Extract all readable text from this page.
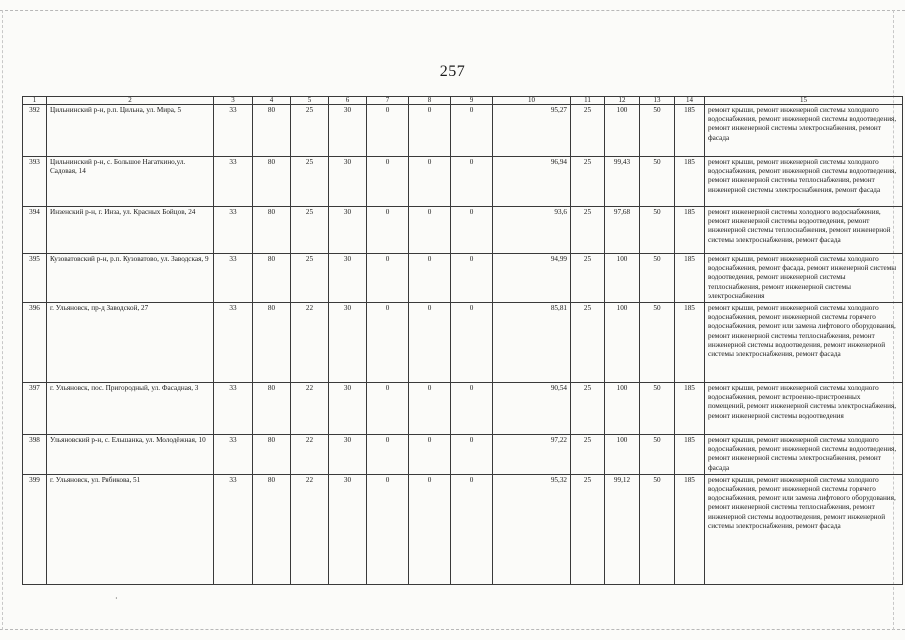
257
1	2	3	4	5	6	7	8	9	10	11	12	13	14	15
392	Цильнинский р-н, р.п. Цильна, ул. Мира, 5	33	80	25	30	0	0	0	95,27	25	100	50	185	ремонт крыши, ремонт инженерной системы холодного водоснабжения, ремонт инженерной системы водоотведения, ремонт инженерной системы электроснабжения, ремонт фасада
393	Цильнинский р-н, с. Большое Нагаткино,ул. Садовая, 14	33	80	25	30	0	0	0	96,94	25	99,43	50	185	ремонт крыши, ремонт инженерной системы холодного водоснабжения, ремонт инженерной системы водоотведения, ремонт инженерной системы теплоснабжения, ремонт инженерной системы электроснабжения, ремонт фасада
394	Инзенский р-н, г. Инза, ул. Красных Бойцов, 24	33	80	25	30	0	0	0	93,6	25	97,68	50	185	ремонт инженерной системы холодного водоснабжения, ремонт инженерной системы водоотведения, ремонт инженерной системы теплоснабжения, ремонт инженерной системы электроснабжения, ремонт фасада
395	Кузоватовский р-н, р.п. Кузоватово, ул. Заводская, 9	33	80	25	30	0	0	0	94,99	25	100	50	185	ремонт крыши, ремонт инженерной системы холодного водоснабжения, ремонт фасада, ремонт инженерной системы водоотведения, ремонт инженерной системы теплоснабжения, ремонт инженерной системы электроснабжения
396	г. Ульяновск, пр-д Заводской, 27	33	80	22	30	0	0	0	85,81	25	100	50	185	ремонт крыши, ремонт инженерной системы холодного водоснабжения, ремонт инженерной системы горячего водоснабжения, ремонт или замена лифтового оборудования, ремонт инженерной системы теплоснабжения, ремонт инженерной системы водоотведения, ремонт инженерной системы электроснабжения, ремонт фасада
397	г. Ульяновск, пос. Пригородный, ул. Фасадная, 3	33	80	22	30	0	0	0	90,54	25	100	50	185	ремонт крыши, ремонт инженерной системы холодного водоснабжения, ремонт встроенно-пристроенных помещений, ремонт инженерной системы электроснабжения, ремонт инженерной системы водоотведения
398	Ульяновский р-н, с. Ельшанка, ул. Молодёжная, 10	33	80	22	30	0	0	0	97,22	25	100	50	185	ремонт крыши, ремонт инженерной системы холодного водоснабжения, ремонт инженерной системы водоотведения, ремонт инженерной системы электроснабжения, ремонт фасада
399	г. Ульяновск, ул. Рябикова, 51	33	80	22	30	0	0	0	95,32	25	99,12	50	185	ремонт крыши, ремонт инженерной системы холодного водоснабжения, ремонт инженерной системы горячего водоснабжения, ремонт или замена лифтового оборудования, ремонт инженерной системы теплоснабжения, ремонт инженерной системы водоотведения, ремонт инженерной системы электроснабжения, ремонт фасада
·
